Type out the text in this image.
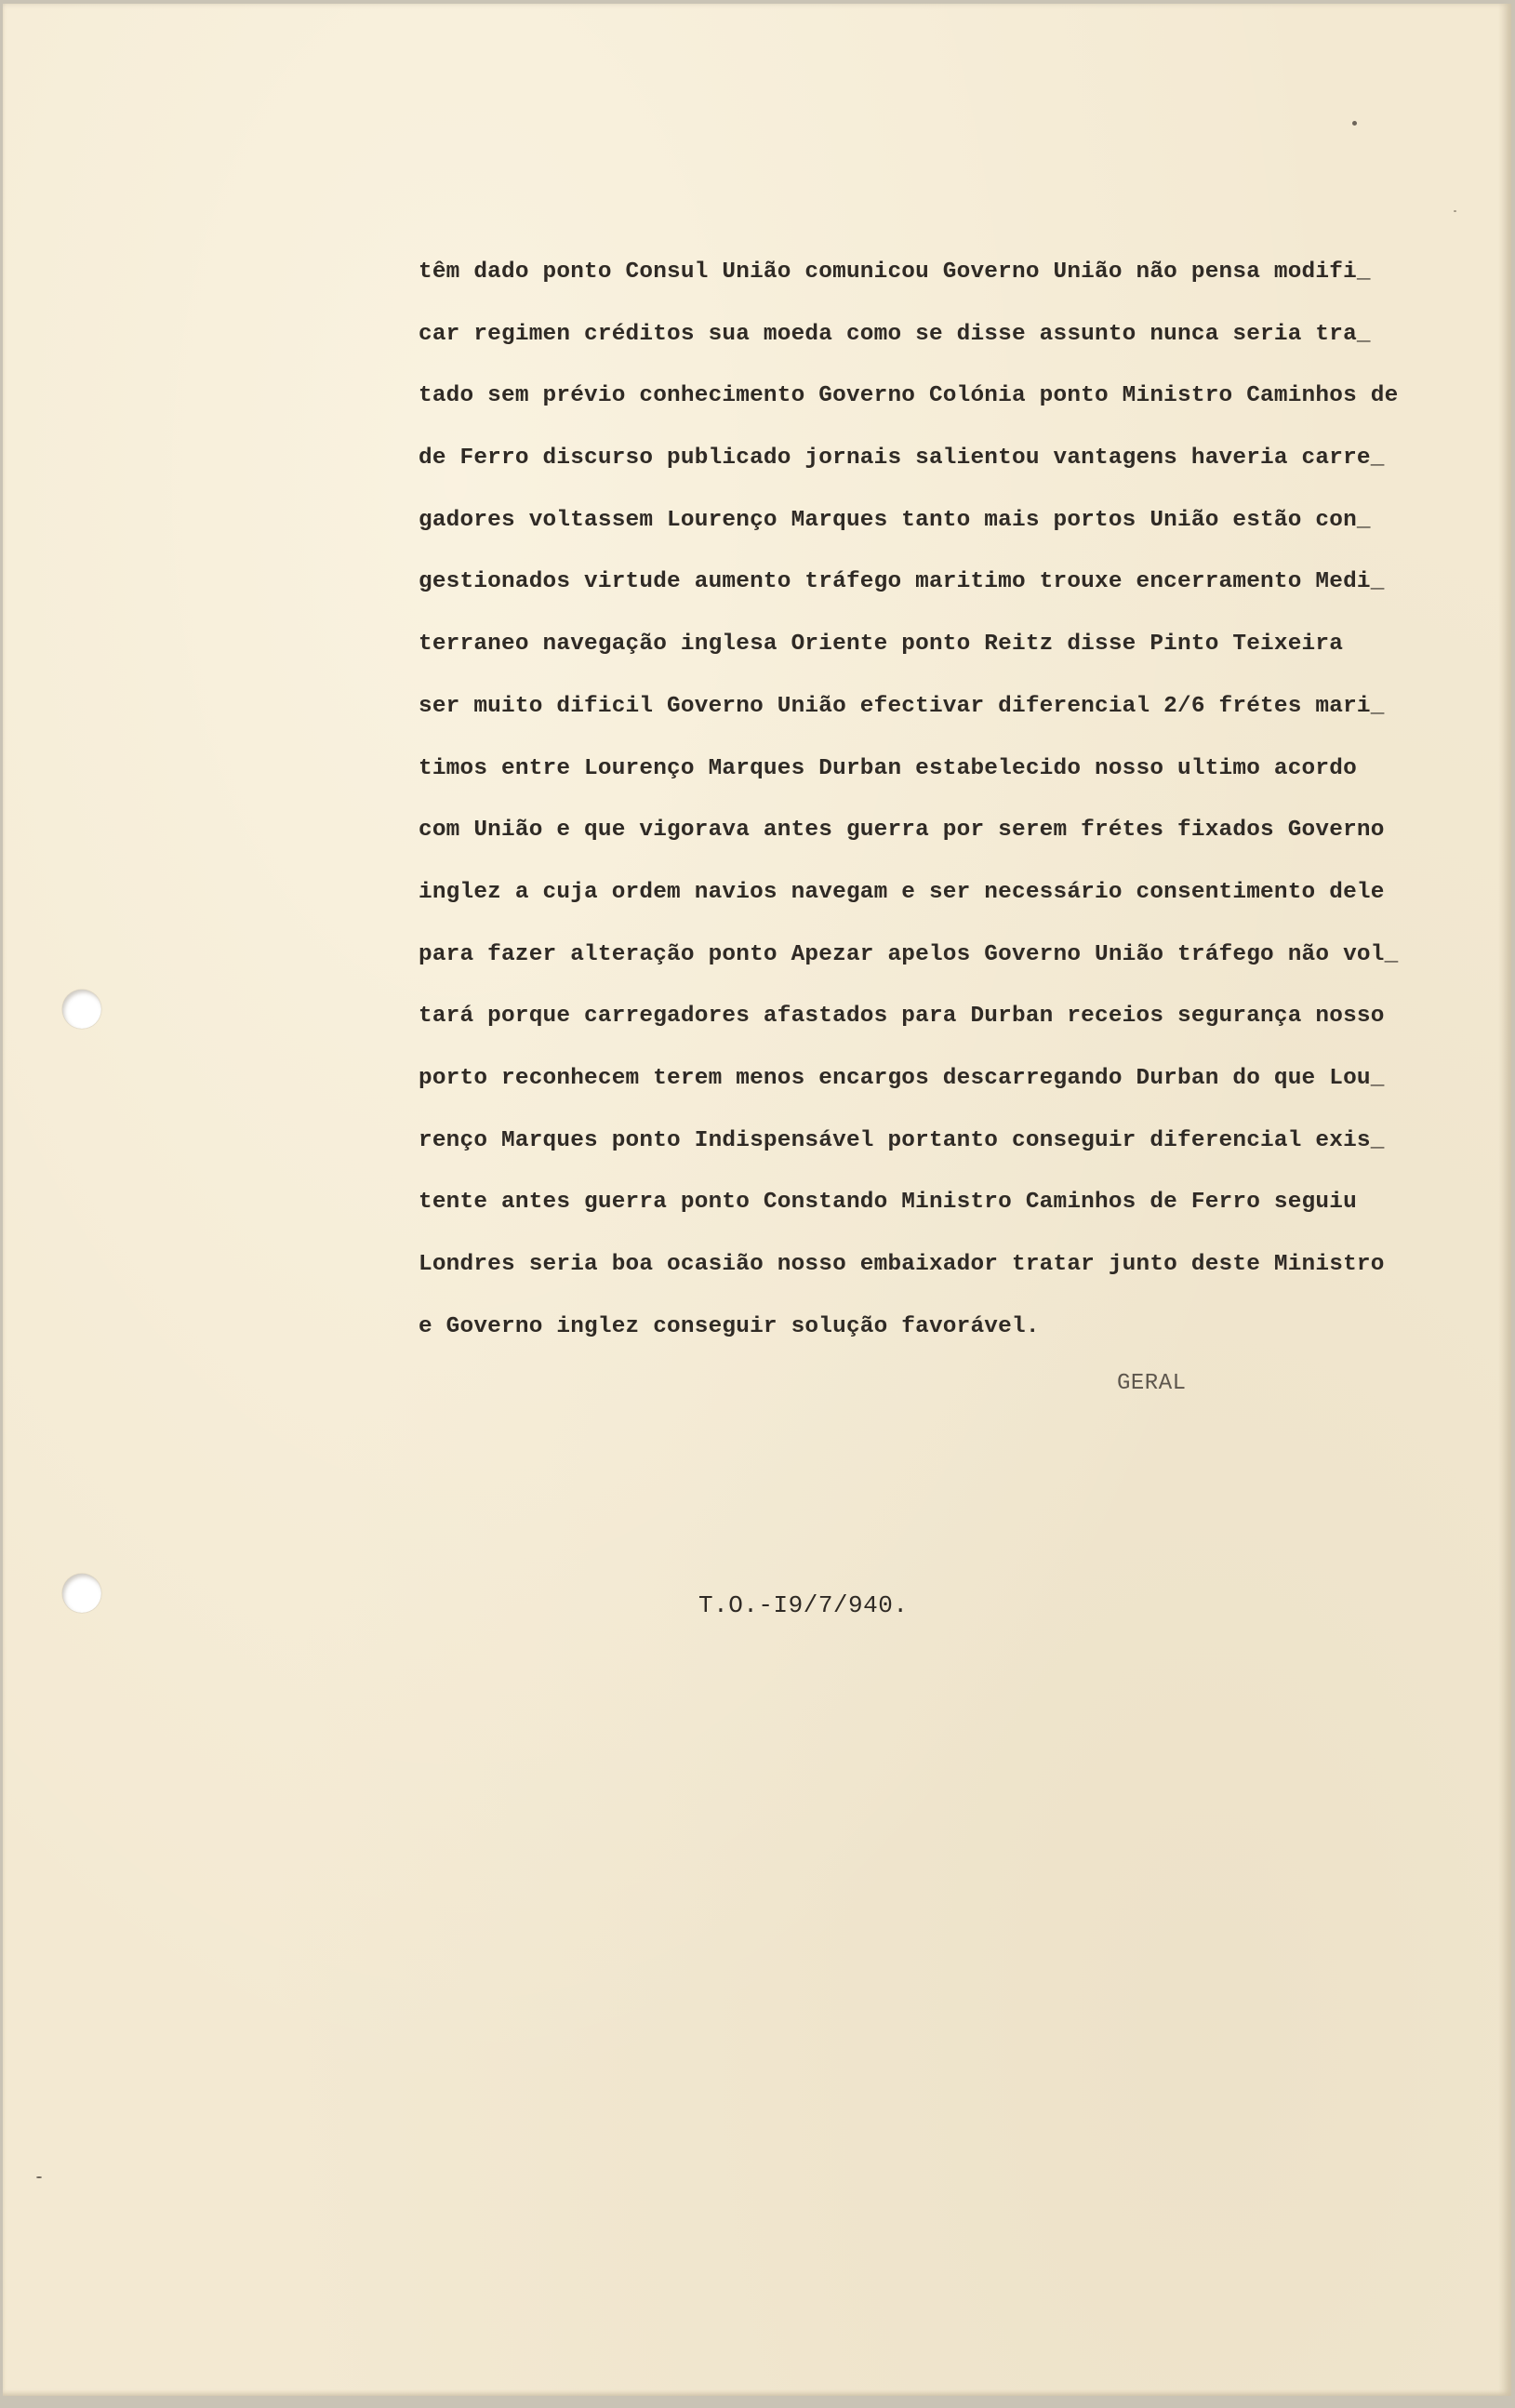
têm dado ponto Consul União comunicou Governo União não pensa modifi_
car regimen créditos sua moeda como se disse assunto nunca seria tra_
tado sem prévio conhecimento Governo Colónia ponto Ministro Caminhos de
de Ferro discurso publicado jornais salientou vantagens haveria carre_
gadores voltassem Lourenço Marques tanto mais portos União estão con_
gestionados virtude aumento tráfego maritimo trouxe encerramento Medi_
terraneo navegação inglesa Oriente ponto Reitz disse Pinto Teixeira
ser muito dificil Governo União efectivar diferencial 2/6 frétes mari_
timos entre Lourenço Marques Durban estabelecido nosso ultimo acordo
com União e que vigorava antes guerra por serem frétes fixados Governo
inglez a cuja ordem navios navegam e ser necessário consentimento dele
para fazer alteração ponto Apezar apelos Governo União tráfego não vol_
tará porque carregadores afastados para Durban receios segurança nosso
porto reconhecem terem menos encargos descarregando Durban do que Lou_
renço Marques ponto Indispensável portanto conseguir diferencial exis_
tente antes guerra ponto Constando Ministro Caminhos de Ferro seguiu
Londres seria boa ocasião nosso embaixador tratar junto deste Ministro
e Governo inglez conseguir solução favorável.
GERAL
T.O.-I9/7/940.
